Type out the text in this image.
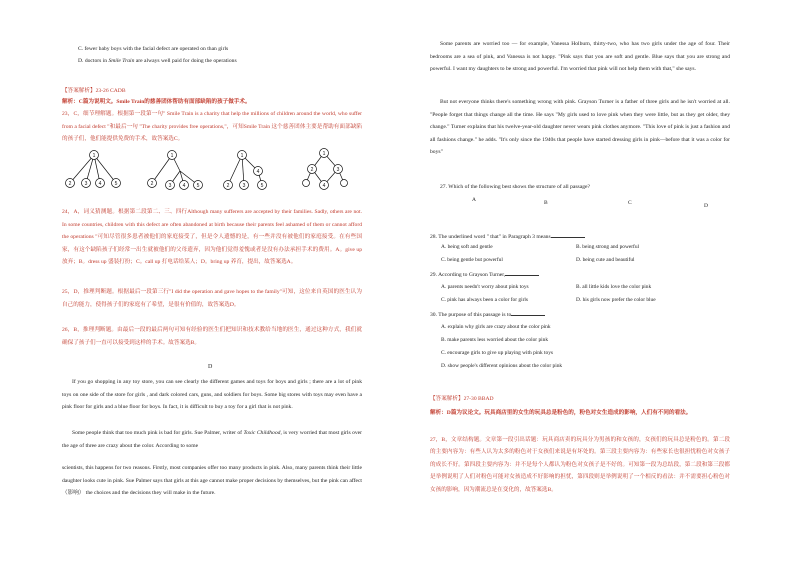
C. fewer baby boys with the facial defect are operated on than girls
D. doctors in Smile Train are always well paid for doing the operations
【答案解析】23-26 CADB
解析：C篇为说明文。Smile Train的慈善团体帮助有面部缺陷的孩子做手术。
23，C，细节理解题。根据第一段第一句" Smile Train is a charity that help the millions of children around the world, who suffer from a facial defect "和最后一句 "The charity provides free operations,"，可知Smile Train 这个慈善团体主要是帮助有面部缺陷的孩子们，他们能提供免费的手术，故答案选C。
1
2	3 4	5
1
2	3 4 5
1
2	3
4
5
1
2	3
4
24，A，词义猜测题。根据第二段第二、三、四行Although many sufferers are accepted by their families. Sadly, others are not. In some countries, children with this defect are often abandoned at birth because their parents feel ashamed of them or cannot afford the operations "可知尽管很多患者被他们的家庭接受了，但是令人遗憾的是，有一些并没有被他们的家庭接受。在有些国家，有这个缺陷孩子们经常一出生就被他们的父母遗弃，因为他们觉得羞愧或者是没有办法承担手术的费用。A。give up 放弃；B。dress up 盛装打扮；C。call up 打电话给某人；D。bring up 养育，提出，故答案选A。
25，D，推理判断题。根据最后一段第三行"I did the operation and gave hopes to the family"可知，这位来自英国的医生认为自己的能力，使得孩子们的家庭有了希望，是很有价值的，故答案选D。
26，B，推理判断题。由最后一段的最后两句可知有经验的医生们把知识和技术教给当地的医生，通过这种方式，我们就确保了孩子们一直可以接受到这样的手术。故答案选B。
D
If you go shopping in any toy store, you can see clearly the different games and toys for boys and girls ; there are a lot of pink toys on one side of the store for girls , and dark colored cars, guns, and soldiers for boys. Some big stores with toys may even have a pink floor for girls and a blue floor for boys. In fact, it is difficult to buy a toy for a girl that is not pink.
Some people think that too much pink is bad for girls. Sue Palmer, writer of Toxic Childhood, is very worried that most girls over the age of three are crazy about the color. According to some
scientists, this happens for two reasons. Firstly, most companies offer too many products in pink. Also, many parents think their little daughter looks cute in pink. Sue Palmer says that girls at this age cannot make proper decisions by themselves, but the pink can affect（影响） the choices and the decisions they will make in the future.
Some parents are worried too — for example, Vanessa Holburn, thirty-two, who has two girls under the age of four. Their bedrooms are a sea of pink, and Vanessa is not happy. "Pink says that you are soft and gentle. Blue says that you are strong and powerful. I want my daughters to be strong and powerful. I'm worried that pink will not help them with that," she says.
But not everyone thinks there's something wrong with pink. Grayson Turner is a father of three girls and he isn't worried at all. "People forget that things change all the time. He says "My girls used to love pink when they were little, but as they get older, they change." Turner explains that his twelve-year-old daughter never wears pink clothes anymore. "This love of pink is just a fashion and all fashions change." he adds. "It's only since the 1940s that people have started dressing girls in pink—before that it was a color for boys"
27. Which of the following best shows the structure of all passage?
A	B	C	D
28. The underlined word " that" in Paragraph 3 means
A. being soft and gentle	B. being strong and powerful
C. being gentle but powerful	D. being cute and beautiful
29. According to Grayson Turner,
A. parents needn't worry about pink toys	B. all little kids love the color pink
C. pink has always been a color for girls	D. his girls now prefer the color blue
30. The purpose of this passage is to
A. explain why girls are crazy about the color pink
B. make parents less worried about the color pink
C. encourage girls to give up playing with pink toys
D. show people's different opinions about the color pink
【答案解析】27-30 BBAD
解析：D篇为议论文。玩具商店里的女生的玩具总是粉色的，粉色对女生造成的影响，人们有不同的看法。
27，B，文章结构题。文章第一段引出话题：玩具商店卖的玩具分为男孩的和女孩的，女孩们的玩具总是粉色的。第二段的主要内容为：有些人认为太多的粉色对于女孩们来说是有坏处的。第三段主要内容为：有些家长也很担忧粉色对女孩子的成长不好。第四段主要内容为：并不是每个人都认为粉色对女孩子是不好的。可知第一段为总结段，第二段和第三段都是举例说明了人们对粉色可能对女孩造成不好影响的担忧，第四段则是举例说明了一个相反的看法：并不需要担心粉色对女孩的影响，因为潮流总是在变化的，故答案选B。
